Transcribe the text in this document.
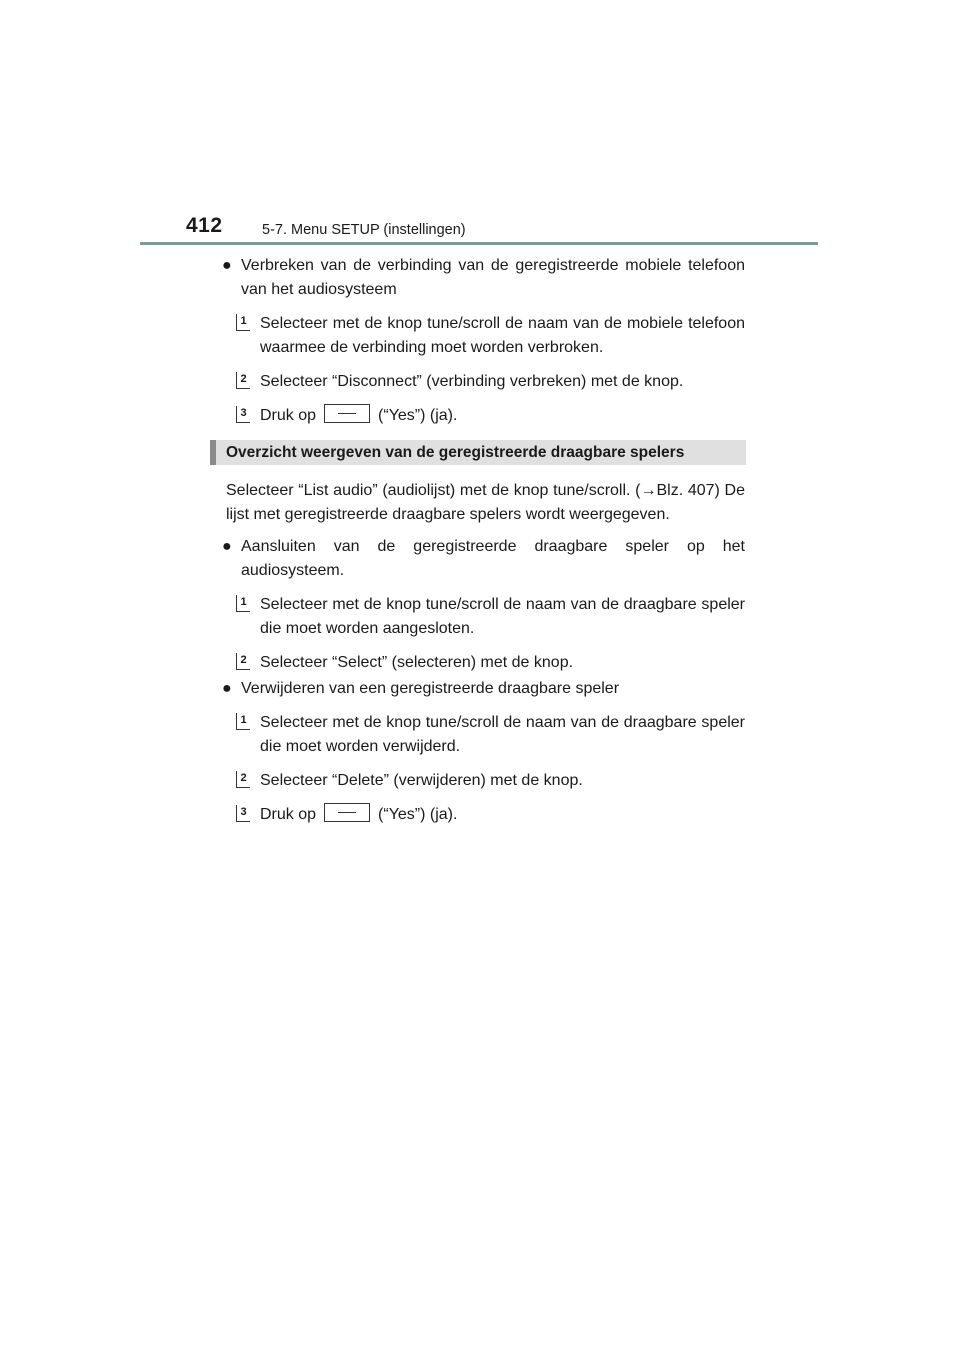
412	5-7. Menu SETUP (instellingen)
● Verbreken van de verbinding van de geregistreerde mobiele telefoon van het audiosysteem
1 Selecteer met de knop tune/scroll de naam van de mobiele telefoon waarmee de verbinding moet worden verbroken.
2 Selecteer “Disconnect” (verbinding verbreken) met de knop.
3 Druk op	(“Yes”) (ja).
Overzicht weergeven van de geregistreerde draagbare spelers
Selecteer “List audio” (audiolijst) met de knop tune/scroll. (→Blz. 407) De lijst met geregistreerde draagbare spelers wordt weergegeven.
● Aansluiten van de geregistreerde draagbare speler op het audiosysteem.
1 Selecteer met de knop tune/scroll de naam van de draagbare speler die moet worden aangesloten.
2 Selecteer “Select” (selecteren) met de knop.
● Verwijderen van een geregistreerde draagbare speler
1 Selecteer met de knop tune/scroll de naam van de draagbare speler die moet worden verwijderd.
2 Selecteer “Delete” (verwijderen) met de knop.
3 Druk op	(“Yes”) (ja).
